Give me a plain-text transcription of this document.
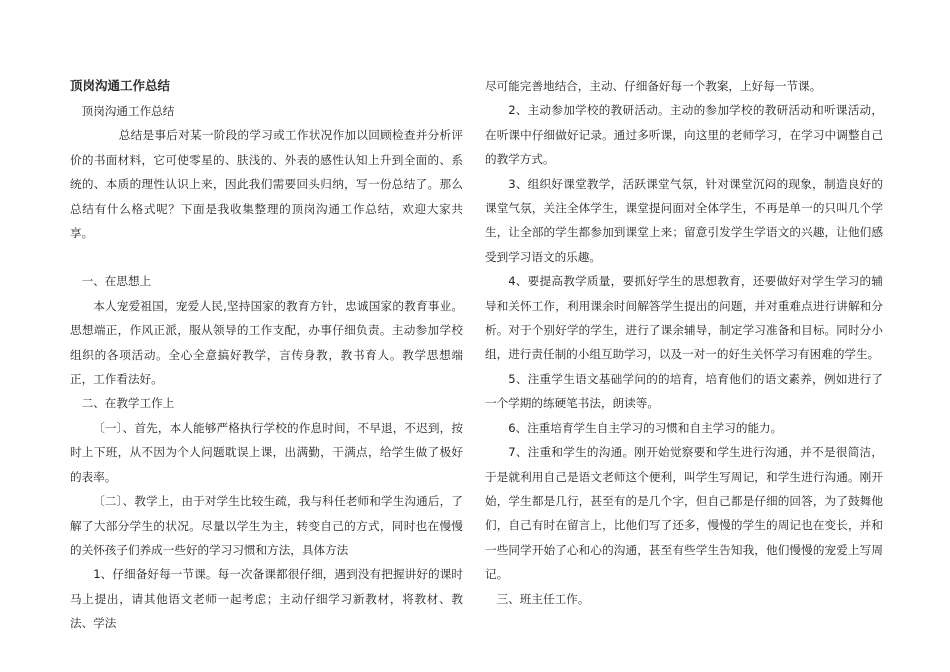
顶岗沟通工作总结

顶岗沟通工作总结

总结是事后对某一阶段的学习或工作状况作加以回顾检查并分析评价的书面材料，它可使零星的、肤浅的、外表的感性认知上升到全面的、系统的、本质的理性认识上来，因此我们需要回头归纳，写一份总结了。那么总结有什么格式呢？下面是我收集整理的顶岗沟通工作总结，欢迎大家共享。

一、在思想上

本人宠爱祖国，宠爱人民,坚持国家的教育方针，忠诚国家的教育事业。思想端正，作风正派，服从领导的工作支配，办事仔细负责。主动参加学校组织的各项活动。全心全意搞好教学，言传身教，教书育人。教学思想端正，工作看法好。

二、在教学工作上

〔一〕、首先，本人能够严格执行学校的作息时间，不早退，不迟到，按时上下班，从不因为个人问题耽误上课，出满勤，干满点，给学生做了极好的表率。

〔二〕、教学上，由于对学生比较生疏，我与科任老师和学生沟通后，了解了大部分学生的状况。尽量以学生为主，转变自己的方式，同时也在慢慢的关怀孩子们养成一些好的学习习惯和方法，具体方法

1、仔细备好每一节课。每一次备课都很仔细，遇到没有把握讲好的课时马上提出，请其他语文老师一起考虑；主动仔细学习新教材，将教材、教法、学法

尽可能完善地结合，主动、仔细备好每一个教案，上好每一节课。

2、主动参加学校的教研活动。主动的参加学校的教研活动和听课活动，在听课中仔细做好记录。通过多听课，向这里的老师学习，在学习中调整自己的教学方式。

3、组织好课堂教学，活跃课堂气氛，针对课堂沉闷的现象，制造良好的课堂气氛，关注全体学生，课堂提问面对全体学生，不再是单一的只叫几个学生，让全部的学生都参加到课堂上来；留意引发学生学语文的兴趣，让他们感受到学习语文的乐趣。

4、要提高教学质量，要抓好学生的思想教育，还要做好对学生学习的辅导和关怀工作，利用课余时间解答学生提出的问题，并对重难点进行讲解和分析。对于个别好学的学生，进行了课余辅导，制定学习准备和目标。同时分小组，进行责任制的小组互助学习，以及一对一的好生关怀学习有困难的学生。

5、注重学生语文基础学问的的培育，培育他们的语文素养，例如进行了一个学期的练硬笔书法，朗读等。

6、注重培育学生自主学习的习惯和自主学习的能力。

7、注重和学生的沟通。刚开始觉察要和学生进行沟通，并不是很简洁，于是就利用自己是语文老师这个便利，叫学生写周记，和学生进行沟通。刚开始，学生都是几行，甚至有的是几个字，但自己都是仔细的回答，为了鼓舞他们，自己有时在留言上，比他们写了还多，慢慢的学生的周记也在变长，并和一些同学开始了心和心的沟通，甚至有些学生告知我，他们慢慢的宠爱上写周记。

三、班主任工作。
